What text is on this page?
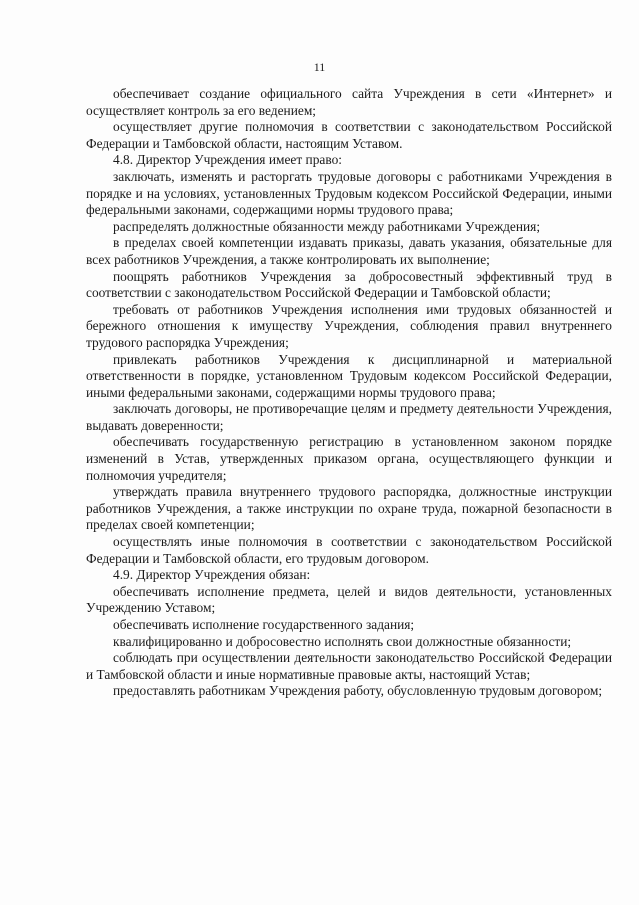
11

обеспечивает создание официального сайта Учреждения в сети «Интернет» и осуществляет контроль за его ведением;

осуществляет другие полномочия в соответствии с законодательством Российской Федерации и Тамбовской области, настоящим Уставом.

4.8. Директор Учреждения имеет право:

заключать, изменять и расторгать трудовые договоры с работниками Учреждения в порядке и на условиях, установленных Трудовым кодексом Российской Федерации, иными федеральными законами, содержащими нормы трудового права;

распределять должностные обязанности между работниками Учреждения;

в пределах своей компетенции издавать приказы, давать указания, обязательные для всех работников Учреждения, а также контролировать их выполнение;

поощрять работников Учреждения за добросовестный эффективный труд в соответствии с законодательством Российской Федерации и Тамбовской области;

требовать от работников Учреждения исполнения ими трудовых обязанностей и бережного отношения к имуществу Учреждения, соблюдения правил внутреннего трудового распорядка Учреждения;

привлекать работников Учреждения к дисциплинарной и материальной ответственности в порядке, установленном Трудовым кодексом Российской Федерации, иными федеральными законами, содержащими нормы трудового права;

заключать договоры, не противоречащие целям и предмету деятельности Учреждения, выдавать доверенности;

обеспечивать государственную регистрацию в установленном законом порядке изменений в Устав, утвержденных приказом органа, осуществляющего функции и полномочия учредителя;

утверждать правила внутреннего трудового распорядка, должностные инструкции работников Учреждения, а также инструкции по охране труда, пожарной безопасности в пределах своей компетенции;

осуществлять иные полномочия в соответствии с законодательством Российской Федерации и Тамбовской области, его трудовым договором.

4.9. Директор Учреждения обязан:

обеспечивать исполнение предмета, целей и видов деятельности, установленных Учреждению Уставом;

обеспечивать исполнение государственного задания;

квалифицированно и добросовестно исполнять свои должностные обязанности;

соблюдать при осуществлении деятельности законодательство Российской Федерации и Тамбовской области и иные нормативные правовые акты, настоящий Устав;

предоставлять работникам Учреждения работу, обусловленную трудовым договором;
